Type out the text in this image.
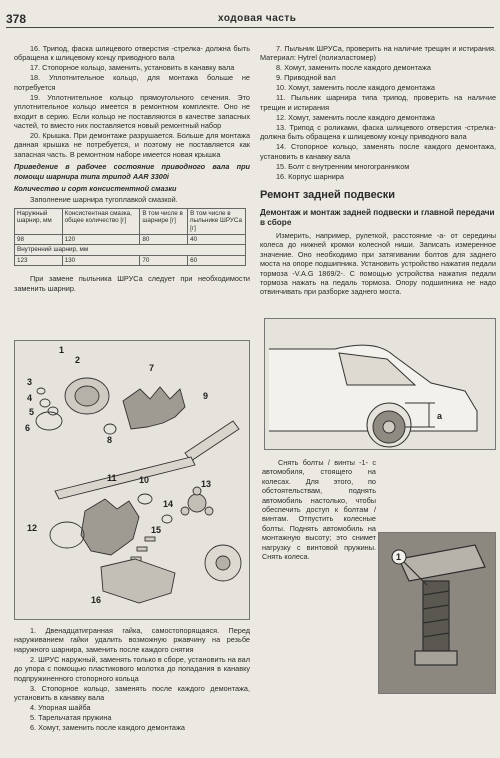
378	ходовая часть
16. Трипод, фаска шлицевого отверстия -стрелка- должна быть обращена к шлицевому концу приводного вала
17. Стопорное кольцо, заменить, установить в канавку вала
18. Уплотнительное кольцо, для монтажа больше не потребуется
19. Уплотнительное кольцо прямоугольного сечения. Это уплотнительное кольцо имеется в ремонтном комплекте. Оно не входит в серию. Если кольцо не поставляются в качестве запасных частей, то вместо них поставляется новый ремонтный набор
20. Крышка. При демонтаже разрушается. Больше для монтажа данная крышка не потребуется, и поэтому не поставляется как запасная часть. В ремонтном наборе имеется новая крышка
Приведение в рабочее состояние приводного вала при помощи шарнира типа трипод AAR 3300i
Количество и сорт консистентной смазки
Заполнение шарнира тугоплавкой смазкой.
Наружный шарнир, мм	Консистентная смазка, общее количество [г]	В том числе в шарнире [г]	В том числе в пыльнике ШРУСа [г]
98	120	80	40
Внутренний шарнир, мм			
123	130	70	60
При замене пыльника ШРУСа следует при необходимости заменить шарнир.
2
1
3
4
5
6
7
8
9
10
11
12
13
14
15
16
1. Двенадцатигранная гайка, самостопорящаяся. Перед наруживанием гайки удалить возможную ржавчину на резьбе наружного шарнира, заменить после каждого снятия
2. ШРУС наружный, заменять только в сборе, установить на вал до упора с помощью пластикового молотка до попадания в канавку подпружиненного стопорного кольца
3. Стопорное кольцо, заменять после каждого демонтажа, установить в канавку вала
4. Упорная шайба
5. Тарельчатая пружина
6. Хомут, заменить после каждого демонтажа
7. Пыльник ШРУСа, проверить на наличие трещин и истирания. Материал: Hytrel (полиэластомер)
8. Хомут, заменить после каждого демонтажа
9. Приводной вал
10. Хомут, заменить после каждого демонтажа
11. Пыльник шарнира типа трипод, проверить на наличие трещин и истирания
12. Хомут, заменить после каждого демонтажа
13. Трипод с роликами, фаска шлицевого отверстия -стрелка- должна быть обращена к шлицевому концу приводного вала
14. Стопорное кольцо, заменять после каждого демонтажа, установить в канавку вала
15. Болт с внутренним многогранником
16. Корпус шарнира
Ремонт задней подвески
Демонтаж и монтаж задней подвески и главной передачи в сборе
Измерить, например, рулеткой, расстояние -а- от середины колеса до нижней кромки колесной ниши. Записать измеренное значение. Оно необходимо при затягивании болтов для заднего моста на опоре подшипника. Установить устройство нажатия педали тормоза -V.A.G 1869/2-. С помощью устройства нажатия педали тормоза нажать на педаль тормоза. Опору подшипника не надо отвинчивать при разборке заднего моста.
a
Снять болты / винты -1- с автомобиля, стоящего на колесах. Для этого, по обстоятельствам, поднять автомобиль настолько, чтобы обеспечить доступ к болтам /винтам. Отпустить колесные болты. Поднять автомобиль на монтажную высоту; это снимет нагрузку с винтовой пружины. Снять колеса.	1
